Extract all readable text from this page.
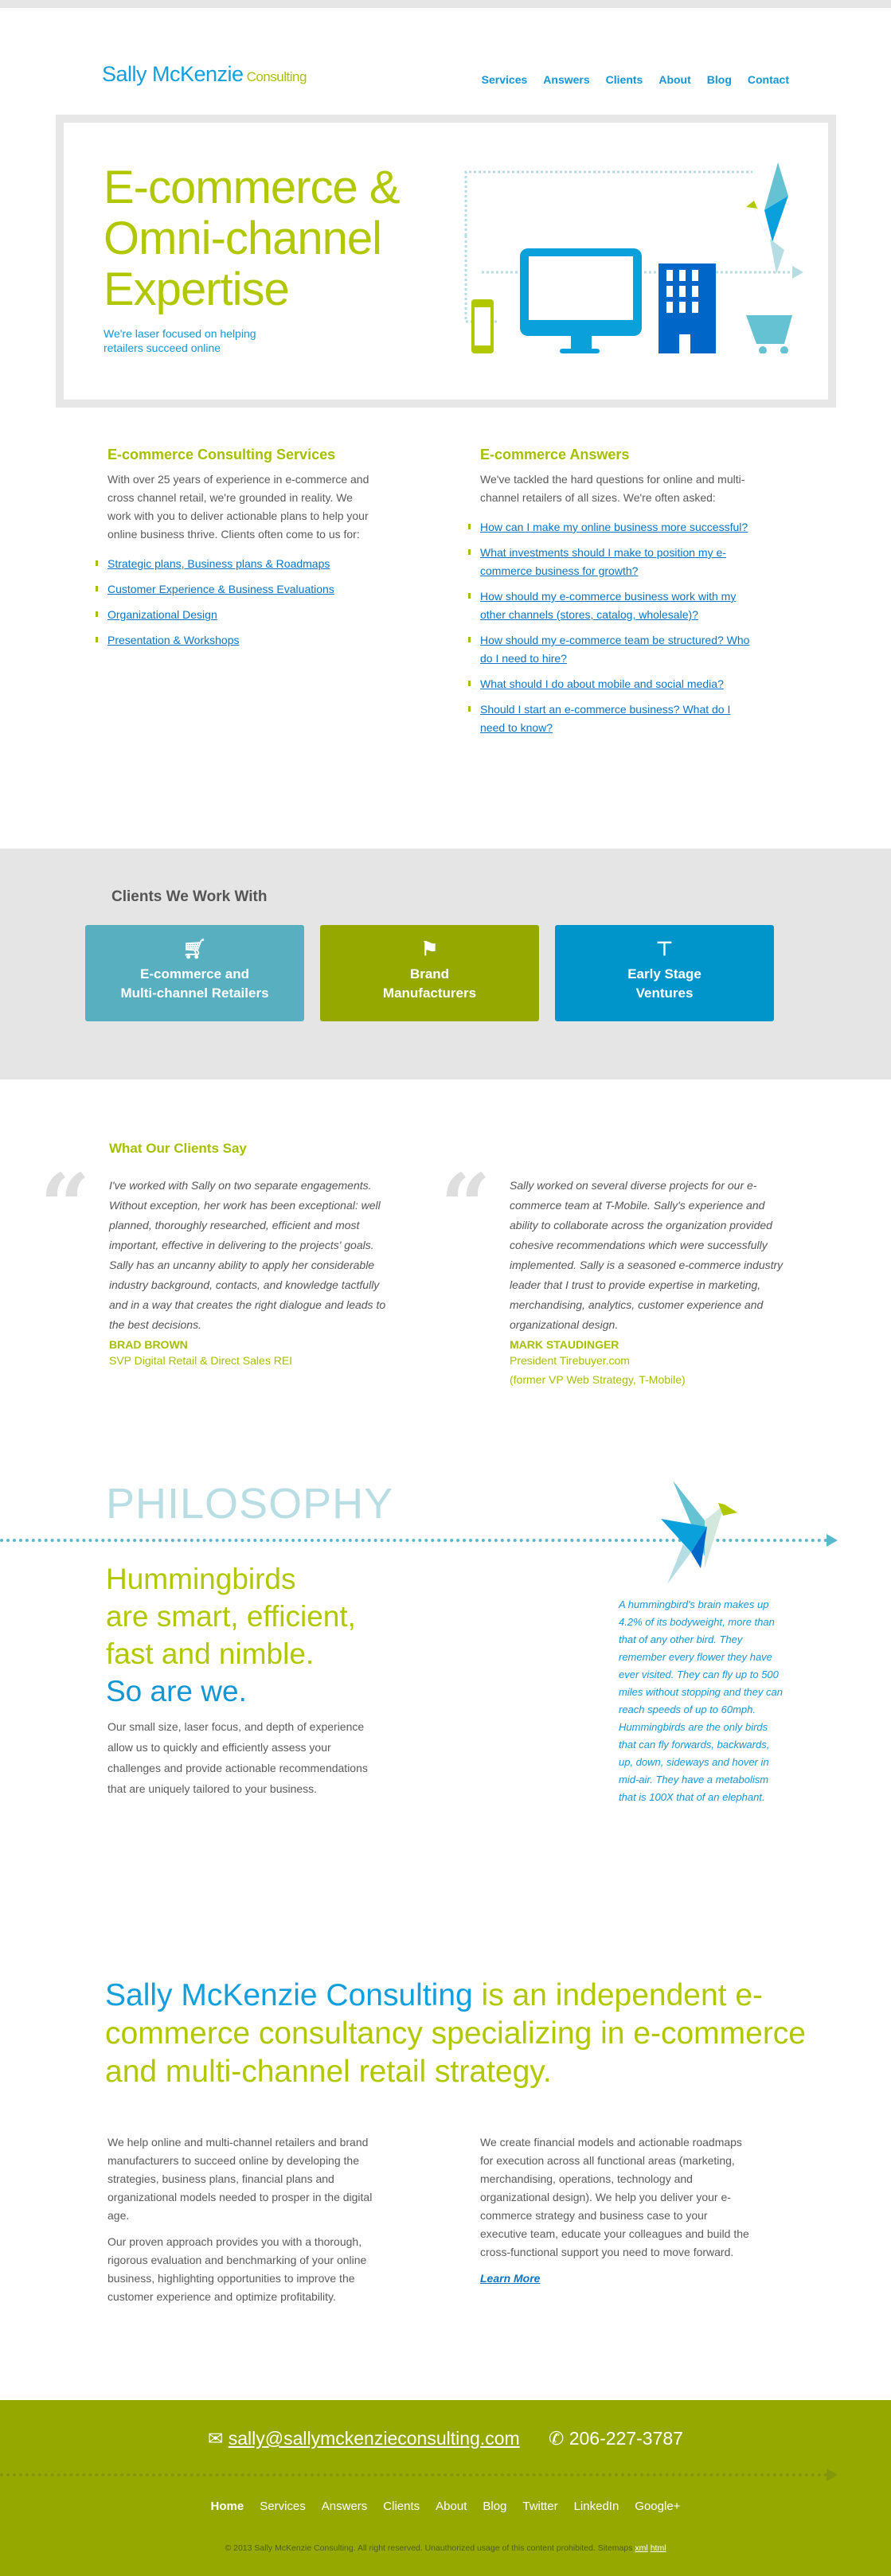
Sally McKenzie Consulting	Services Answers Clients About Blog Contact
E-commerce &
Omni-channel
Expertise

We're laser focused on helping retailers succeed online

E-commerce Consulting Services

With over 25 years of experience in e-commerce and cross channel retail, we're grounded in reality. We work with you to deliver actionable plans to help your online business thrive. Clients often come to us for:

Strategic plans, Business plans & Roadmaps
Customer Experience & Business Evaluations
Organizational Design
Presentation & Workshops
E-commerce Answers

We've tackled the hard questions for online and multi-channel retailers of all sizes. We're often asked:

How can I make my online business more successful?
What investments should I make to position my e-commerce business for growth?
How should my e-commerce business work with my other channels (stores, catalog, wholesale)?
How should my e-commerce team be structured? Who do I need to hire?
What should I do about mobile and social media?
Should I start an e-commerce business? What do I need to know?
Clients We Work With
🛒︎
E-commerce and
Multi-channel Retailers
⚑
Brand
Manufacturers
⊤
Early Stage
Ventures
What Our Clients Say
“ I've worked with Sally on two separate engagements. Without exception, her work has been exceptional: well planned, thoroughly researched, efficient and most important, effective in delivering to the projects' goals. Sally has an uncanny ability to apply her considerable industry background, contacts, and knowledge tactfully and in a way that creates the right dialogue and leads to the best decisions.

BRAD BROWN
SVP Digital Retail & Direct Sales REI
“ Sally worked on several diverse projects for our e-commerce team at T-Mobile. Sally's experience and ability to collaborate across the organization provided cohesive recommendations which were successfully implemented. Sally is a seasoned e-commerce industry leader that I trust to provide expertise in marketing, merchandising, analytics, customer experience and organizational design.

MARK STAUDINGER
President Tirebuyer.com
(former VP Web Strategy, T-Mobile)
PHILOSOPHY
Hummingbirds
are smart, efficient,
fast and nimble.
So are we.

Our small size, laser focus, and depth of experience allow us to quickly and efficiently assess your challenges and provide actionable recommendations that are uniquely tailored to your business.

A hummingbird's brain makes up 4.2% of its bodyweight, more than that of any other bird. They remember every flower they have ever visited. They can fly up to 500 miles without stopping and they can reach speeds of up to 60mph. Hummingbirds are the only birds that can fly forwards, backwards, up, down, sideways and hover in mid-air. They have a metabolism that is 100X that of an elephant.

Sally McKenzie Consulting is an independent e-commerce consultancy specializing in e-commerce and multi-channel retail strategy.

We help online and multi-channel retailers and brand manufacturers to succeed online by developing the strategies, business plans, financial plans and organizational models needed to prosper in the digital age.

Our proven approach provides you with a thorough, rigorous evaluation and benchmarking of your online business, highlighting opportunities to improve the customer experience and optimize profitability.

We create financial models and actionable roadmaps for execution across all functional areas (marketing, merchandising, operations, technology and organizational design). We help you deliver your e-commerce strategy and business case to your executive team, educate your colleagues and build the cross-functional support you need to move forward.

Learn More
✉ sally@sallymckenzieconsulting.com ✆ 206-227-3787
Home Services Answers Clients About Blog Twitter LinkedIn Google+
© 2013 Sally McKenzie Consulting. All right reserved. Unauthorized usage of this content prohibited. Sitemaps xml html
